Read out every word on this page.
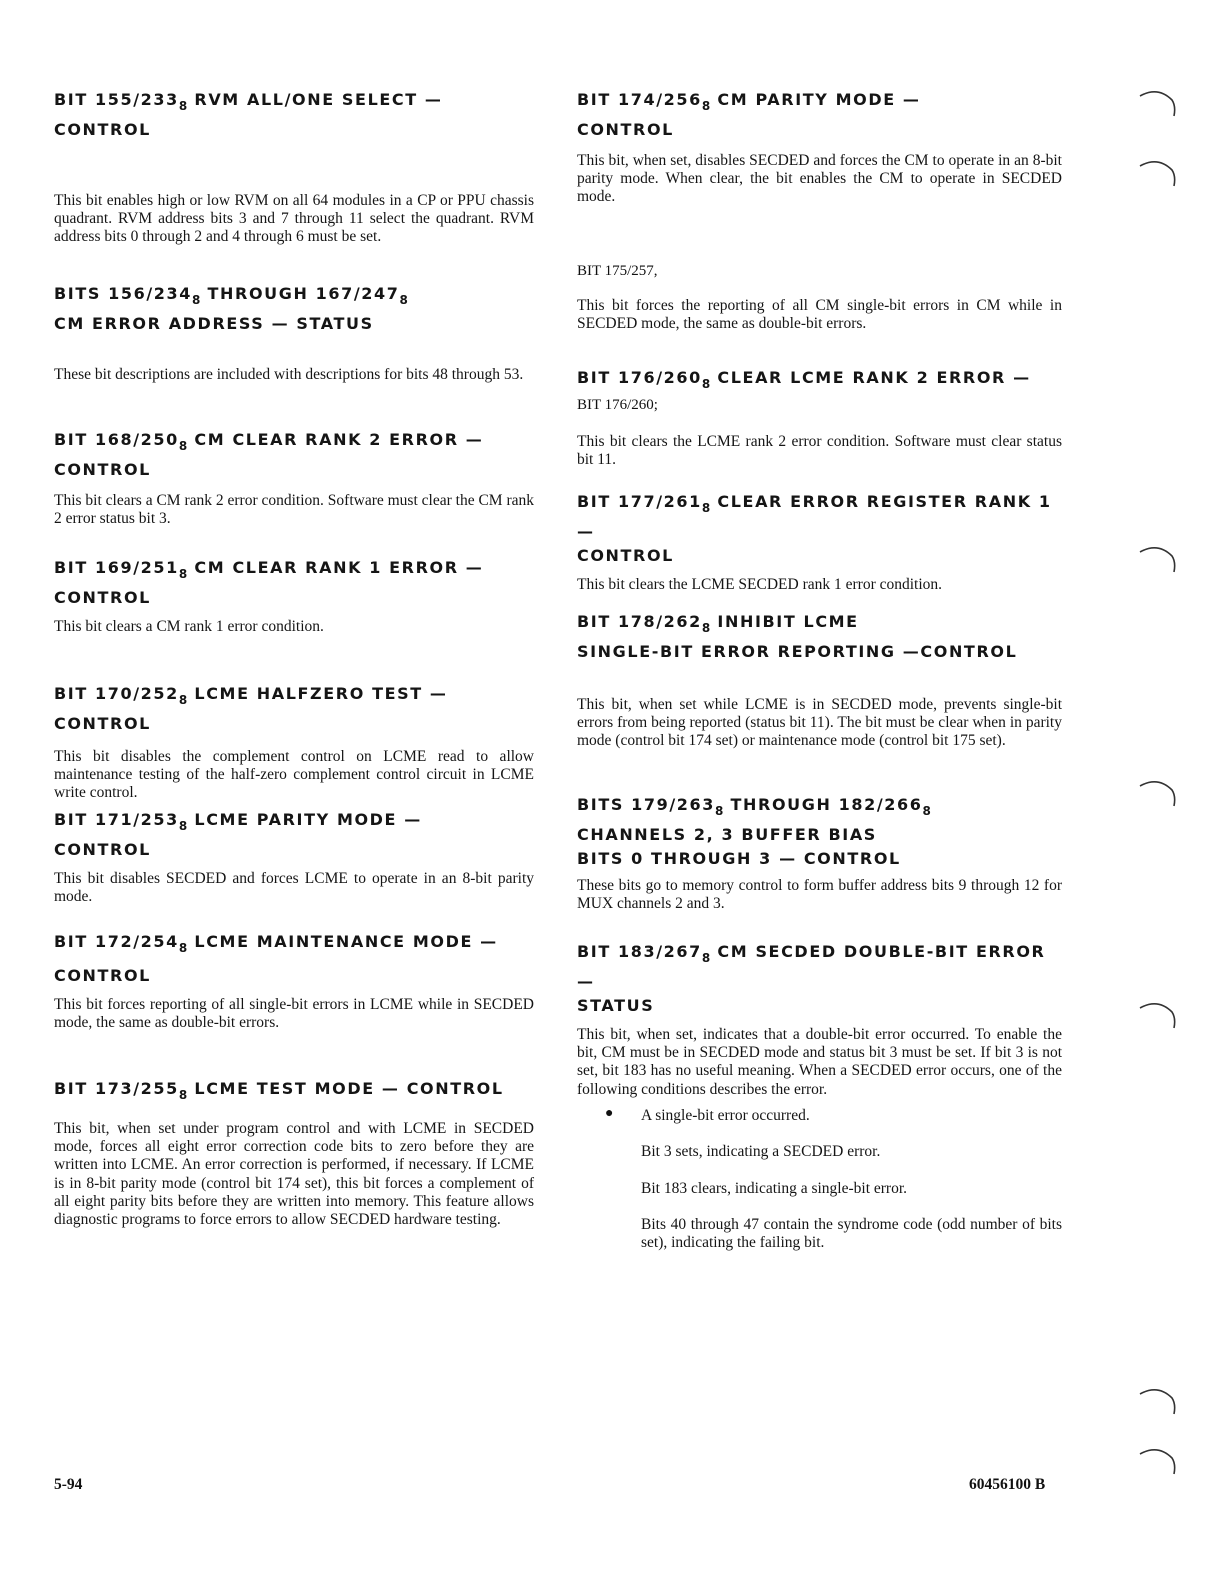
BIT $155/233_8$ RVM ALL/ONE SELECT — CONTROL

This bit enables high or low RVM on all 64 modules in a CP or PPU chassis quadrant. RVM address bits 3 and 7 through 11 select the quadrant. RVM address bits 0 through 2 and 4 through 6 must be set.

BITS $156/234_8$ THROUGH $167/247_8$
CM ERROR ADDRESS — STATUS

These bit descriptions are included with descriptions for bits 48 through 53.

BIT $168/250_8$ CM CLEAR RANK 2 ERROR —
CONTROL

This bit clears a CM rank 2 error condition. Software must clear the CM rank 2 error status bit 3.

BIT $169/251_8$ CM CLEAR RANK 1 ERROR —
CONTROL

This bit clears a CM rank 1 error condition.

BIT $170/252_8$ LCME HALFZERO TEST — CONTROL

This bit disables the complement control on LCME read to allow maintenance testing of the half-zero complement control circuit in LCME write control.

BIT $171/253_8$ LCME PARITY MODE —
CONTROL

This bit disables SECDED and forces LCME to operate in an 8-bit parity mode.

BIT $172/254_8$ LCME MAINTENANCE MODE —
CONTROL

This bit forces reporting of all single-bit errors in LCME while in SECDED mode, the same as double-bit errors.

BIT $173/255_8$ LCME TEST MODE — CONTROL

This bit, when set under program control and with LCME in SECDED mode, forces all eight error correction code bits to zero before they are written into LCME. An error correction is performed, if necessary. If LCME is in 8-bit parity mode (control bit 174 set), this bit forces a complement of all eight parity bits before they are written into memory. This feature allows diagnostic programs to force errors to allow SECDED hardware testing.

BIT $174/256_8$ CM PARITY MODE —
CONTROL

This bit, when set, disables SECDED and forces the CM to operate in an 8-bit parity mode. When clear, the bit enables the CM to operate in SECDED mode.

BIT 175/257,

This bit forces the reporting of all CM single-bit errors in CM while in SECDED mode, the same as double-bit errors.

BIT $176/260_8$ CLEAR LCME RANK 2 ERROR —
BIT 176/260;

This bit clears the LCME rank 2 error condition. Software must clear status bit 11.

BIT $177/261_8$ CLEAR ERROR REGISTER RANK 1 —
CONTROL

This bit clears the LCME SECDED rank 1 error condition.

BIT $178/262_8$ INHIBIT LCME
SINGLE-BIT ERROR REPORTING —CONTROL

This bit, when set while LCME is in SECDED mode, prevents single-bit errors from being reported (status bit 11). The bit must be clear when in parity mode (control bit 174 set) or maintenance mode (control bit 175 set).

BITS $179/263_8$ THROUGH $182/266_8$
CHANNELS 2, 3 BUFFER BIAS
BITS 0 THROUGH 3 — CONTROL

These bits go to memory control to form buffer address bits 9 through 12 for MUX channels 2 and 3.

BIT $183/267_8$ CM SECDED DOUBLE-BIT ERROR —
STATUS

This bit, when set, indicates that a double-bit error occurred. To enable the bit, CM must be in SECDED mode and status bit 3 must be set. If bit 3 is not set, bit 183 has no useful meaning. When a SECDED error occurs, one of the following conditions describes the error.

● A single-bit error occurred.
Bit 3 sets, indicating a SECDED error.
Bit 183 clears, indicating a single-bit error.
Bits 40 through 47 contain the syndrome code (odd number of bits set), indicating the failing bit.
5-94	60456100 B
